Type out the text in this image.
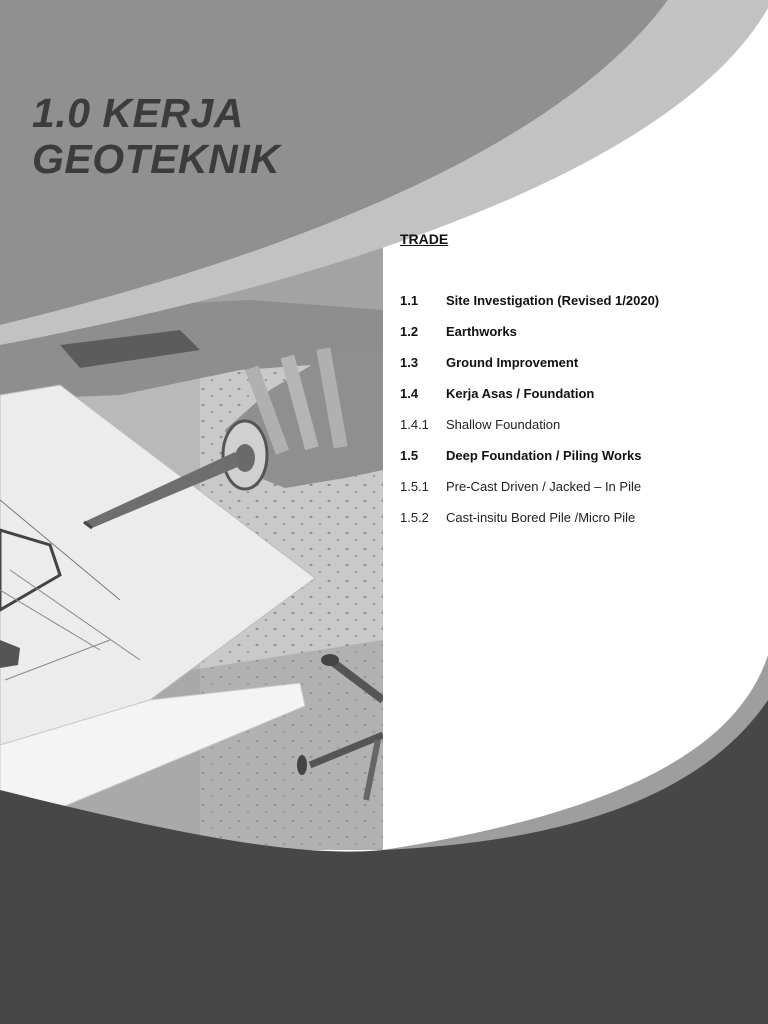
1.0 KERJA
GEOTEKNIK
TRADE
1.1	Site Investigation (Revised 1/2020)
1.2	Earthworks
1.3	Ground Improvement
1.4	Kerja Asas / Foundation
1.4.1	Shallow Foundation
1.5	Deep Foundation / Piling Works
1.5.1	Pre-Cast Driven / Jacked – In Pile
1.5.2	Cast-insitu Bored Pile /Micro Pile
